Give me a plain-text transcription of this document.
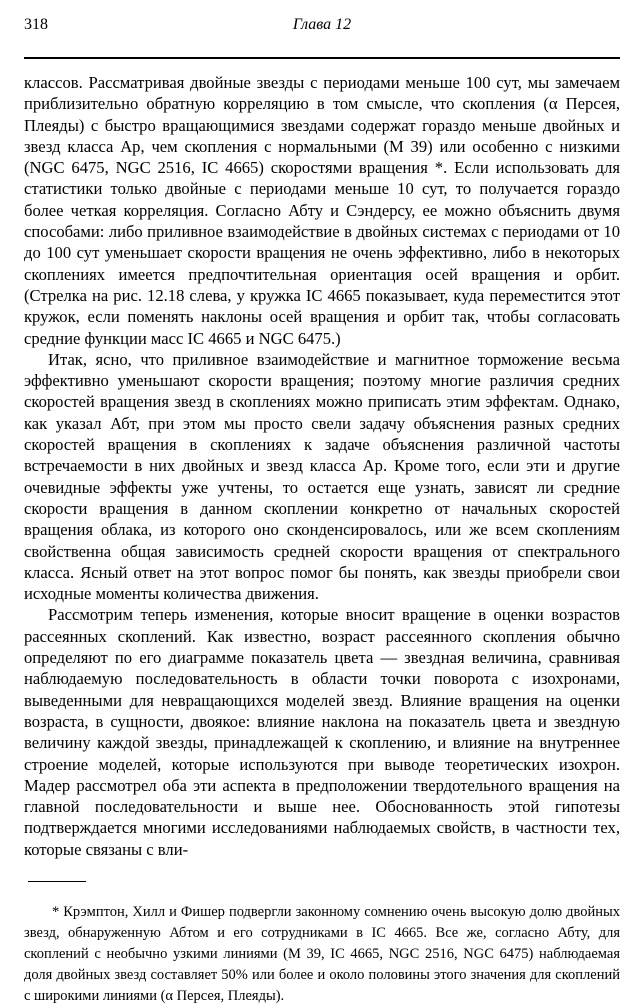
318	Глава 12

классов. Рассматривая двойные звезды с периодами меньше 100 сут, мы замечаем приблизительно обратную корреляцию в том смысле, что скопления (α Персея, Плеяды) с быстро вращающимися звездами содержат гораздо меньше двойных и звезд класса Ар, чем скопления с нормальными (M 39) или особенно с низкими (NGC 6475, NGC 2516, IC 4665) скоростями вращения *. Если использовать для статистики только двойные с периодами меньше 10 сут, то получается гораздо более четкая корреляция. Согласно Абту и Сэндерсу, ее можно объяснить двумя способами: либо приливное взаимодействие в двойных системах с периодами от 10 до 100 сут уменьшает скорости вращения не очень эффективно, либо в некоторых скоплениях имеется предпочтительная ориентация осей вращения и орбит. (Стрелка на рис. 12.18 слева, у кружка IC 4665 показывает, куда переместится этот кружок, если поменять наклоны осей вращения и орбит так, чтобы согласовать средние функции масс IC 4665 и NGC 6475.)

Итак, ясно, что приливное взаимодействие и магнитное торможение весьма эффективно уменьшают скорости вращения; поэтому многие различия средних скоростей вращения звезд в скоплениях можно приписать этим эффектам. Однако, как указал Абт, при этом мы просто свели задачу объяснения разных средних скоростей вращения в скоплениях к задаче объяснения различной частоты встречаемости в них двойных и звезд класса Ар. Кроме того, если эти и другие очевидные эффекты уже учтены, то остается еще узнать, зависят ли средние скорости вращения в данном скоплении конкретно от начальных скоростей вращения облака, из которого оно сконденсировалось, или же всем скоплениям свойственна общая зависимость средней скорости вращения от спектрального класса. Ясный ответ на этот вопрос помог бы понять, как звезды приобрели свои исходные моменты количества движения.

Рассмотрим теперь изменения, которые вносит вращение в оценки возрастов рассеянных скоплений. Как известно, возраст рассеянного скопления обычно определяют по его диаграмме показатель цвета — звездная величина, сравнивая наблюдаемую последовательность в области точки поворота с изохронами, выведенными для невращающихся моделей звезд. Влияние вращения на оценки возраста, в сущности, двоякое: влияние наклона на показатель цвета и звездную величину каждой звезды, принадлежащей к скоплению, и влияние на внутреннее строение моделей, которые используются при выводе теоретических изохрон. Мадер рассмотрел оба эти аспекта в предположении твердотельного вращения на главной последовательности и выше нее. Обоснованность этой гипотезы подтверждается многими исследованиями наблюдаемых свойств, в частности тех, которые связаны с вли-

* Крэмптон, Хилл и Фишер подвергли законному сомнению очень высокую долю двойных звезд, обнаруженную Абтом и его сотрудниками в IC 4665. Все же, согласно Абту, для скоплений с необычно узкими линиями (M 39, IC 4665, NGC 2516, NGC 6475) наблюдаемая доля двойных звезд составляет 50% или более и около половины этого значения для скоплений с широкими линиями (α Персея, Плеяды).
